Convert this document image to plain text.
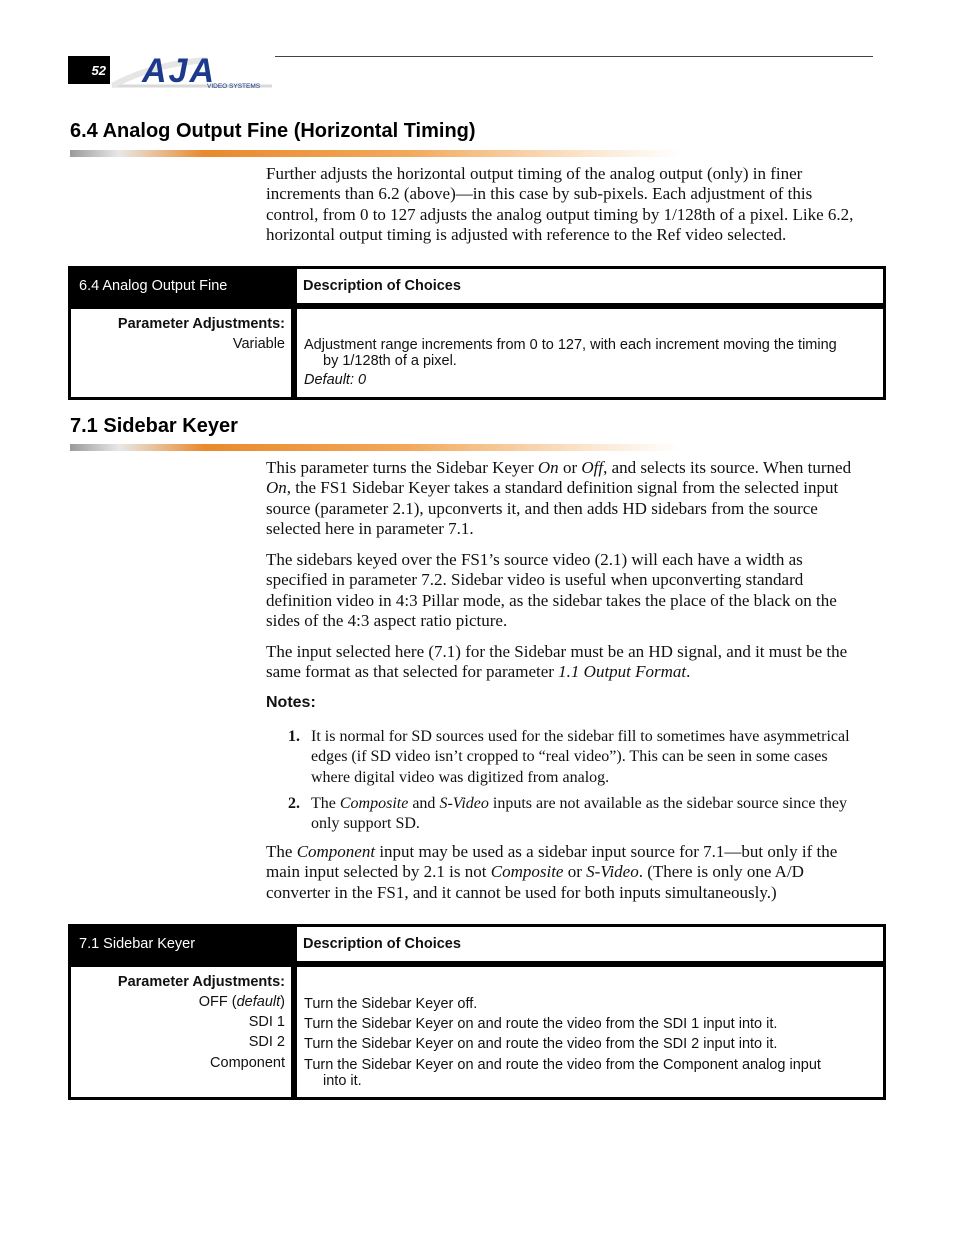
52 AJA
VIDEO SYSTEMS
6.4 Analog Output Fine (Horizontal Timing)

Further adjusts the horizontal output timing of the analog output (only) in finer increments than 6.2 (above)—in this case by sub-pixels. Each adjustment of this control, from 0 to 127 adjusts the analog output timing by 1/128th of a pixel. Like 6.2, horizontal output timing is adjusted with reference to the Ref video selected.

6.4 Analog Output Fine	Description of Choices
Parameter Adjustments:
Variable Adjustment range increments from 0 to 127, with each increment moving the timing
by 1/128th of a pixel.
Default: 0
7.1 Sidebar Keyer

This parameter turns the Sidebar Keyer On or Off, and selects its source. When turned On, the FS1 Sidebar Keyer takes a standard definition signal from the selected input source (parameter 2.1), upconverts it, and then adds HD sidebars from the source selected here in parameter 7.1.

The sidebars keyed over the FS1’s source video (2.1) will each have a width as specified in parameter 7.2. Sidebar video is useful when upconverting standard definition video in 4:3 Pillar mode, as the sidebar takes the place of the black on the sides of the 4:3 aspect ratio picture.

The input selected here (7.1) for the Sidebar must be an HD signal, and it must be the same format as that selected for parameter 1.1 Output Format.

Notes:
1. It is normal for SD sources used for the sidebar fill to sometimes have asymmetrical edges (if SD video isn’t cropped to “real video”). This can be seen in some cases where digital video was digitized from analog.
2. The Composite and S-Video inputs are not available as the sidebar source since they only support SD.

The Component input may be used as a sidebar input source for 7.1—but only if the main input selected by 2.1 is not Composite or S-Video. (There is only one A/D converter in the FS1, and it cannot be used for both inputs simultaneously.)

7.1 Sidebar Keyer	Description of Choices
Parameter Adjustments:
OFF (default)
SDI 1
SDI 2
Component
Turn the Sidebar Keyer off.
Turn the Sidebar Keyer on and route the video from the SDI 1 input into it.
Turn the Sidebar Keyer on and route the video from the SDI 2 input into it.
Turn the Sidebar Keyer on and route the video from the Component analog input
into it.
